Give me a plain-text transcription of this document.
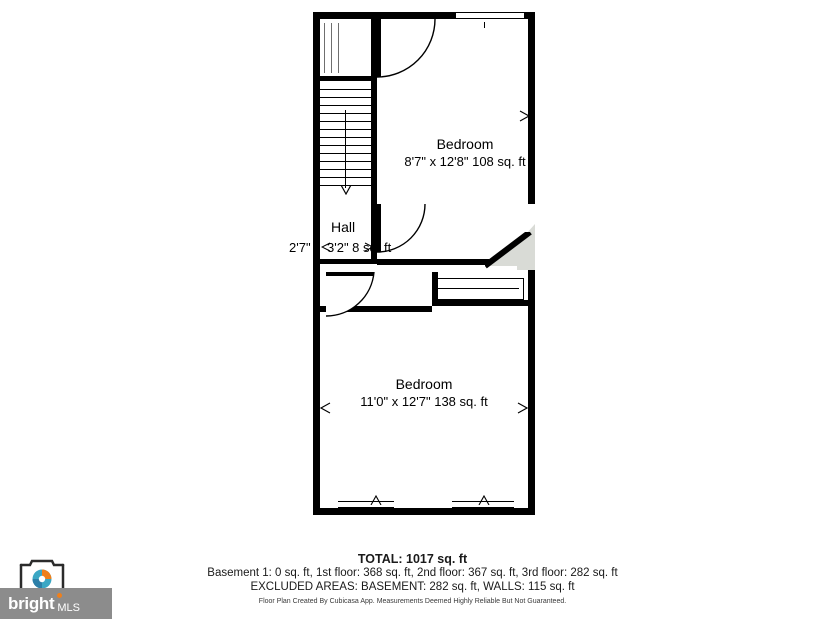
Bedroom
8'7" x 12'8" 108 sq. ft
Hall
2'7" 3'2" 8 sq. ft
Bedroom
11'0" x 12'7" 138 sq. ft
TOTAL: 1017 sq. ft
Basement 1: 0 sq. ft, 1st floor: 368 sq. ft, 2nd floor: 367 sq. ft, 3rd floor: 282 sq. ft
EXCLUDED AREAS: BASEMENT: 282 sq. ft, WALLS: 115 sq. ft
Floor Plan Created By Cubicasa App. Measurements Deemed Highly Reliable But Not Guaranteed.
bright MLS
